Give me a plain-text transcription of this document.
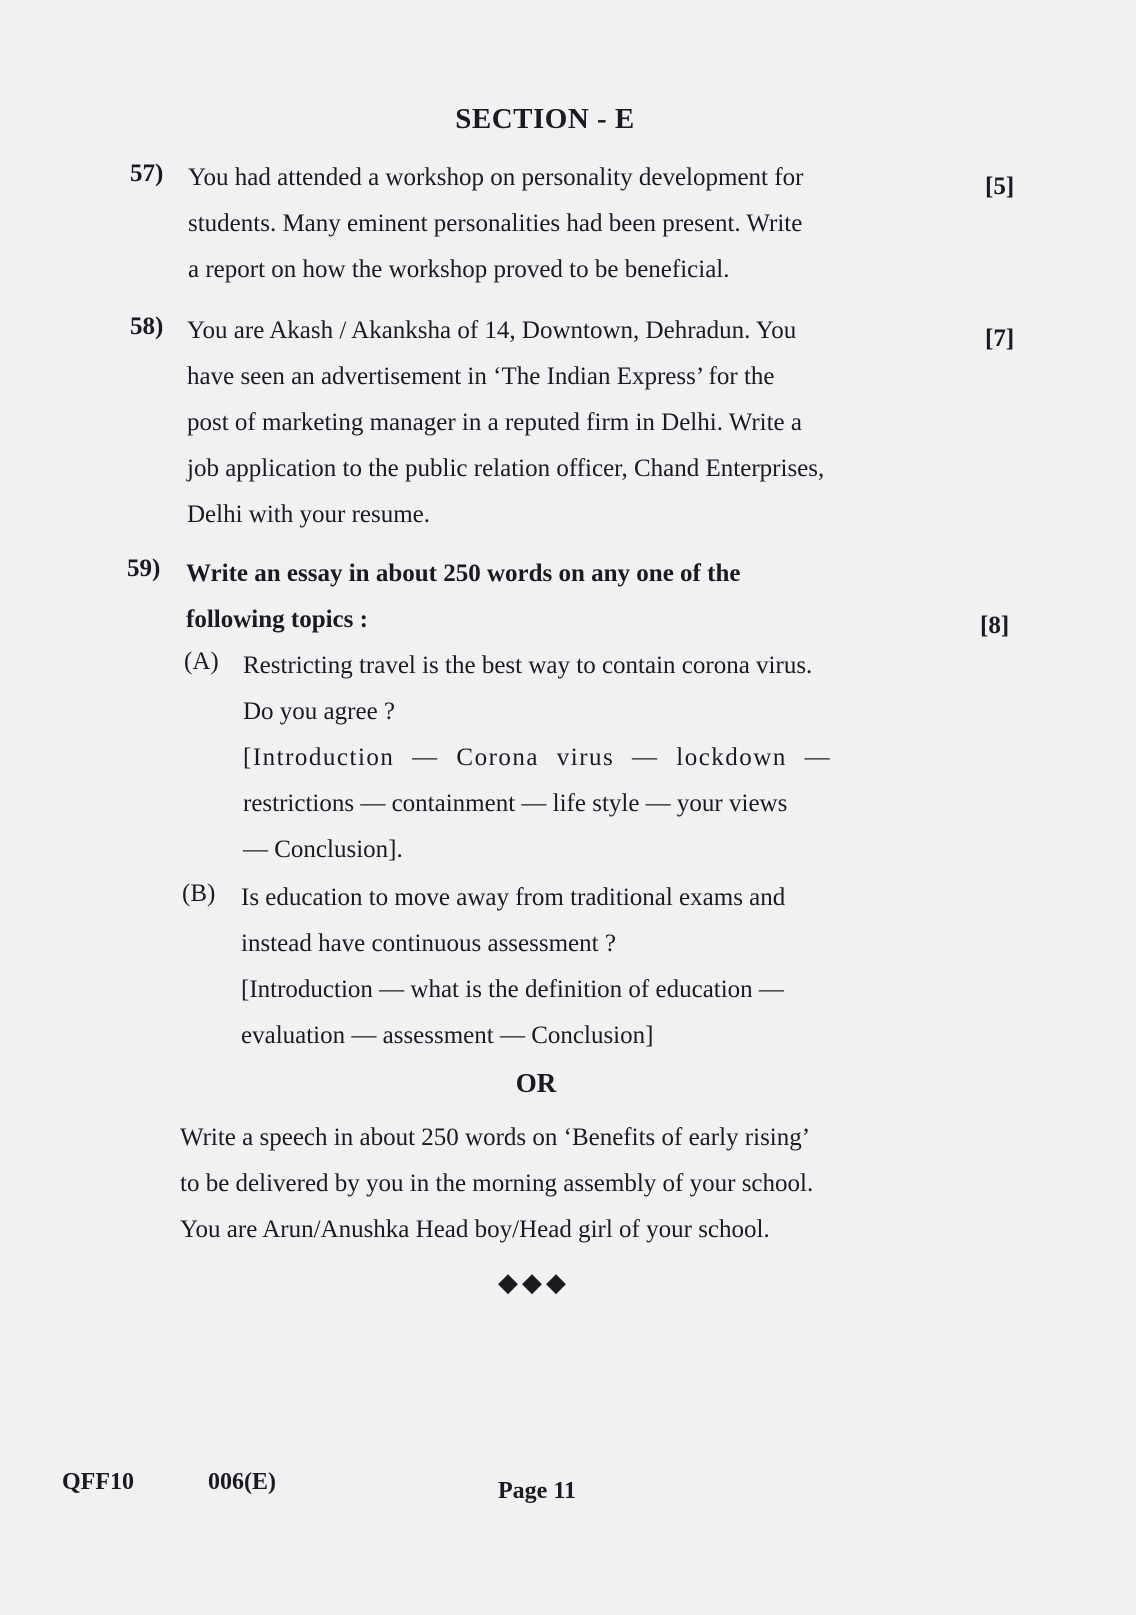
SECTION - E
57) You had attended a workshop on personality development for
students. Many eminent personalities had been present. Write
a report on how the workshop proved to be beneficial.
[5]
58) You are Akash / Akanksha of 14, Downtown, Dehradun. You
have seen an advertisement in ‘The Indian Express’ for the
post of marketing manager in a reputed firm in Delhi. Write a
job application to the public relation officer, Chand Enterprises,
Delhi with your resume.
[7]
59) Write an essay in about 250 words on any one of the
following topics :	[8]
(A) Restricting travel is the best way to contain corona virus.
Do you agree ?
[Introduction — Corona virus — lockdown —
restrictions — containment — life style — your views
— Conclusion].
(B) Is education to move away from traditional exams and
instead have continuous assessment ?
[Introduction — what is the definition of education —
evaluation — assessment — Conclusion]
OR
Write a speech in about 250 words on ‘Benefits of early rising’
to be delivered by you in the morning assembly of your school.
You are Arun/Anushka Head boy/Head girl of your school.
◆◆◆
QFF10	006(E)	Page 11
